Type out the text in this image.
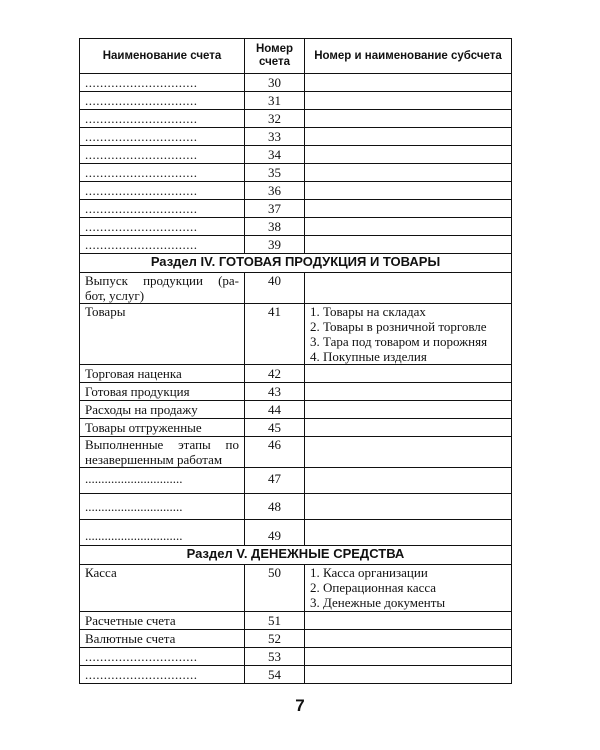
Наименование счета	Номер счета	Номер и наименование субсчета
..............................	30	
..............................	31	
..............................	32	
..............................	33	
..............................	34	
..............................	35	
..............................	36	
..............................	37	
..............................	38	
..............................	39	
Раздел IV. ГОТОВАЯ ПРОДУКЦИЯ И ТОВАРЫ		

Выпуск продукции (ра-
бот, услуг)	40	
Товары	41	1. Товары на складах
2. Товары в розничной торговле
3. Тара под товаром и порожняя
4. Покупные изделия

Торговая наценка	42	
Готовая продукция	43	
Расходы на продажу	44	
Товары отгруженные	45	

Выполненные этапы по
незавершенным работам	46	
..............................	47	
..............................	48	
..............................	49	
Раздел V. ДЕНЕЖНЫЕ СРЕДСТВА		
Касса	50	1. Касса организации
2. Операционная касса
3. Денежные документы

Расчетные счета	51	
Валютные счета	52	
..............................	53	
..............................	54	
7
